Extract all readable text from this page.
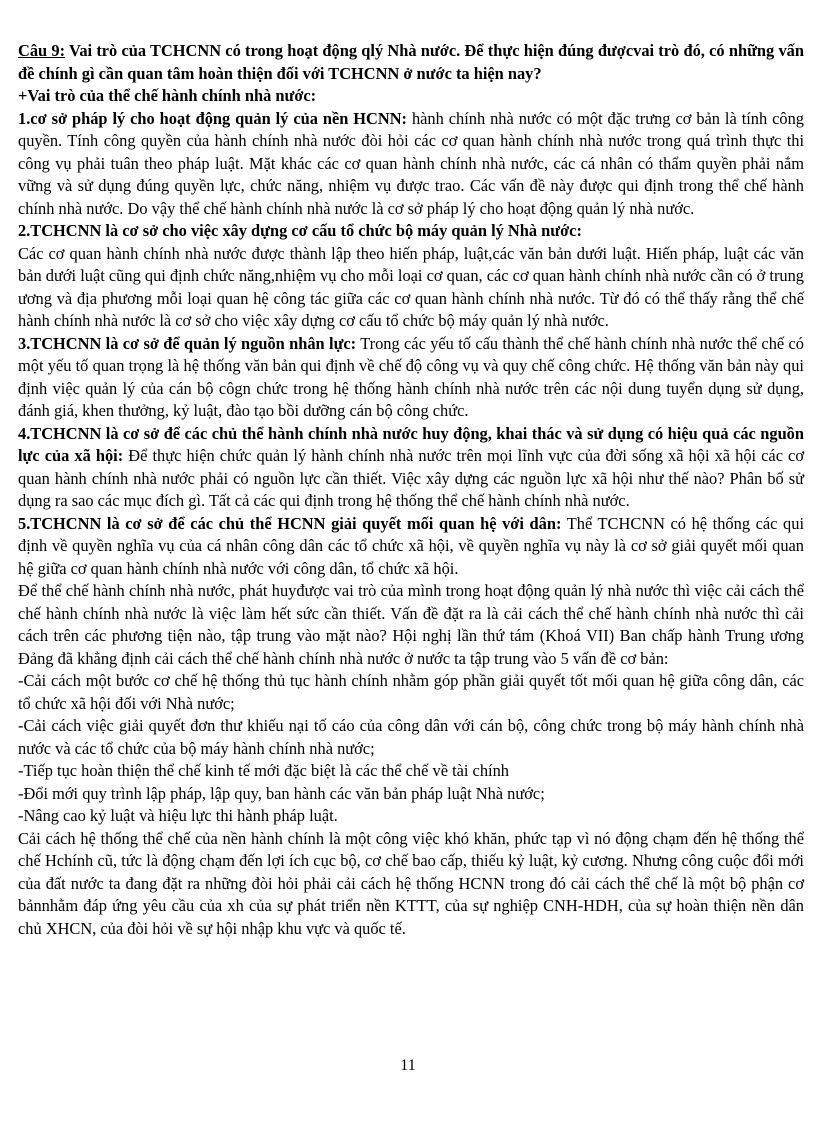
Câu 9: Vai trò của TCHCNN có trong hoạt động qlý Nhà nước. Để thực hiện đúng đượcvai trò đó, có những vấn đề chính gì cần quan tâm hoàn thiện đối với TCHCNN ở nước ta hiện nay?

+Vai trò của thể chế hành chính nhà nước:

1.cơ sở pháp lý cho hoạt động quản lý của nền HCNN: hành chính nhà nước có một đặc trưng cơ bản là tính công quyền. Tính công quyền của hành chính nhà nước đòi hỏi các cơ quan hành chính nhà nước trong quá trình thực thi công vụ phải tuân theo pháp luật. Mặt khác các cơ quan hành chính nhà nước, các cá nhân có thẩm quyền phải nắm vững và sử dụng đúng quyền lực, chức năng, nhiệm vụ được trao. Các vấn đề này được qui định trong thể chế hành chính nhà nước. Do vậy thể chế hành chính nhà nước là cơ sở pháp lý cho hoạt động quản lý nhà nước.

2.TCHCNN là cơ sở cho việc xây dựng cơ cấu tổ chức bộ máy quản lý Nhà nước:

Các cơ quan hành chính nhà nước được thành lập theo hiến pháp, luật,các văn bản dưới luật. Hiến pháp, luật các văn bản dưới luật cũng qui định chức năng,nhiệm vụ cho mỗi loại cơ quan, các cơ quan hành chính nhà nước cần có ở trung ương và địa phương mỗi loại quan hệ công tác giữa các cơ quan hành chính nhà nước. Từ đó có thể thấy rằng thể chế hành chính nhà nước là cơ sở cho việc xây dựng cơ cấu tổ chức bộ máy quản lý nhà nước.

3.TCHCNN là cơ sở để quản lý nguồn nhân lực: Trong các yếu tố cấu thành thể chế hành chính nhà nước thể chế có một yếu tố quan trọng là hệ thống văn bản qui định về chế độ công vụ và quy chế công chức. Hệ thống văn bản này qui định việc quản lý của cán bộ côgn chức trong hệ thống hành chính nhà nước trên các nội dung tuyển dụng sử dụng, đánh giá, khen thưởng, kỷ luật, đào tạo bồi dưỡng cán bộ công chức.

4.TCHCNN là cơ sở để các chủ thể hành chính nhà nước huy động, khai thác và sử dụng có hiệu quả các nguồn lực của xã hội: Để thực hiện chức quản lý hành chính nhà nước trên mọi lĩnh vực của đời sống xã hội xã hội các cơ quan hành chính nhà nước phải có nguồn lực cần thiết. Việc xây dựng các nguồn lực xã hội như thế nào? Phân bố sử dụng ra sao các mục đích gì. Tất cả các qui định trong hệ thống thể chế hành chính nhà nước.

5.TCHCNN là cơ sở để các chủ thể HCNN giải quyết mối quan hệ với dân: Thể TCHCNN có hệ thống các qui định về quyền nghĩa vụ của cá nhân công dân các tổ chức xã hội, về quyền nghĩa vụ này là cơ sở giải quyết mối quan hệ giữa cơ quan hành chính nhà nước với công dân, tổ chức xã hội.

Để thể chế hành chính nhà nước, phát huyđược vai trò của mình trong hoạt động quản lý nhà nước thì việc cải cách thể chế hành chính nhà nước là việc làm hết sức cần thiết. Vấn đề đặt ra là cải cách thể chế hành chính nhà nước thì cải cách trên các phương tiện nào, tập trung vào mặt nào? Hội nghị lần thứ tám (Khoá VII) Ban chấp hành Trung ương Đảng đã khẳng định cải cách thể chế hành chính nhà nước ở nước ta tập trung vào 5 vấn đề cơ bản:

-Cải cách một bước cơ chế hệ thống thủ tục hành chính nhằm góp phần giải quyết tốt mối quan hệ giữa công dân, các tổ chức xã hội đối với Nhà nước;

-Cải cách việc giải quyết đơn thư khiếu nại tố cáo của công dân với cán bộ, công chức trong bộ máy hành chính nhà nước và các tổ chức của bộ máy hành chính nhà nước;

-Tiếp tục hoàn thiện thể chế kinh tế mới đặc biệt là các thể chế về tài chính

-Đổi mới quy trình lập pháp, lập quy, ban hành các văn bản pháp luật Nhà nước;

-Nâng cao kỷ luật và hiệu lực thi hành pháp luật.

Cải cách hệ thống thể chế của nền hành chính là một công việc khó khăn, phức tạp vì nó động chạm đến hệ thống thể chế Hchính cũ, tức là động chạm đến lợi ích cục bộ, cơ chế bao cấp, thiếu kỷ luật, kỷ cương. Nhưng công cuộc đổi mới của đất nước ta đang đặt ra những đòi hỏi phải cải cách hệ thống HCNN trong đó cải cách thể chế là một bộ phận cơ bảnnhằm đáp ứng yêu cầu của xh của sự phát triển nền KTTT, của sự nghiệp CNH-HDH, của sự hoàn thiện nền dân chủ XHCN, của đòi hỏi về sự hội nhập khu vực và quốc tế.

11
